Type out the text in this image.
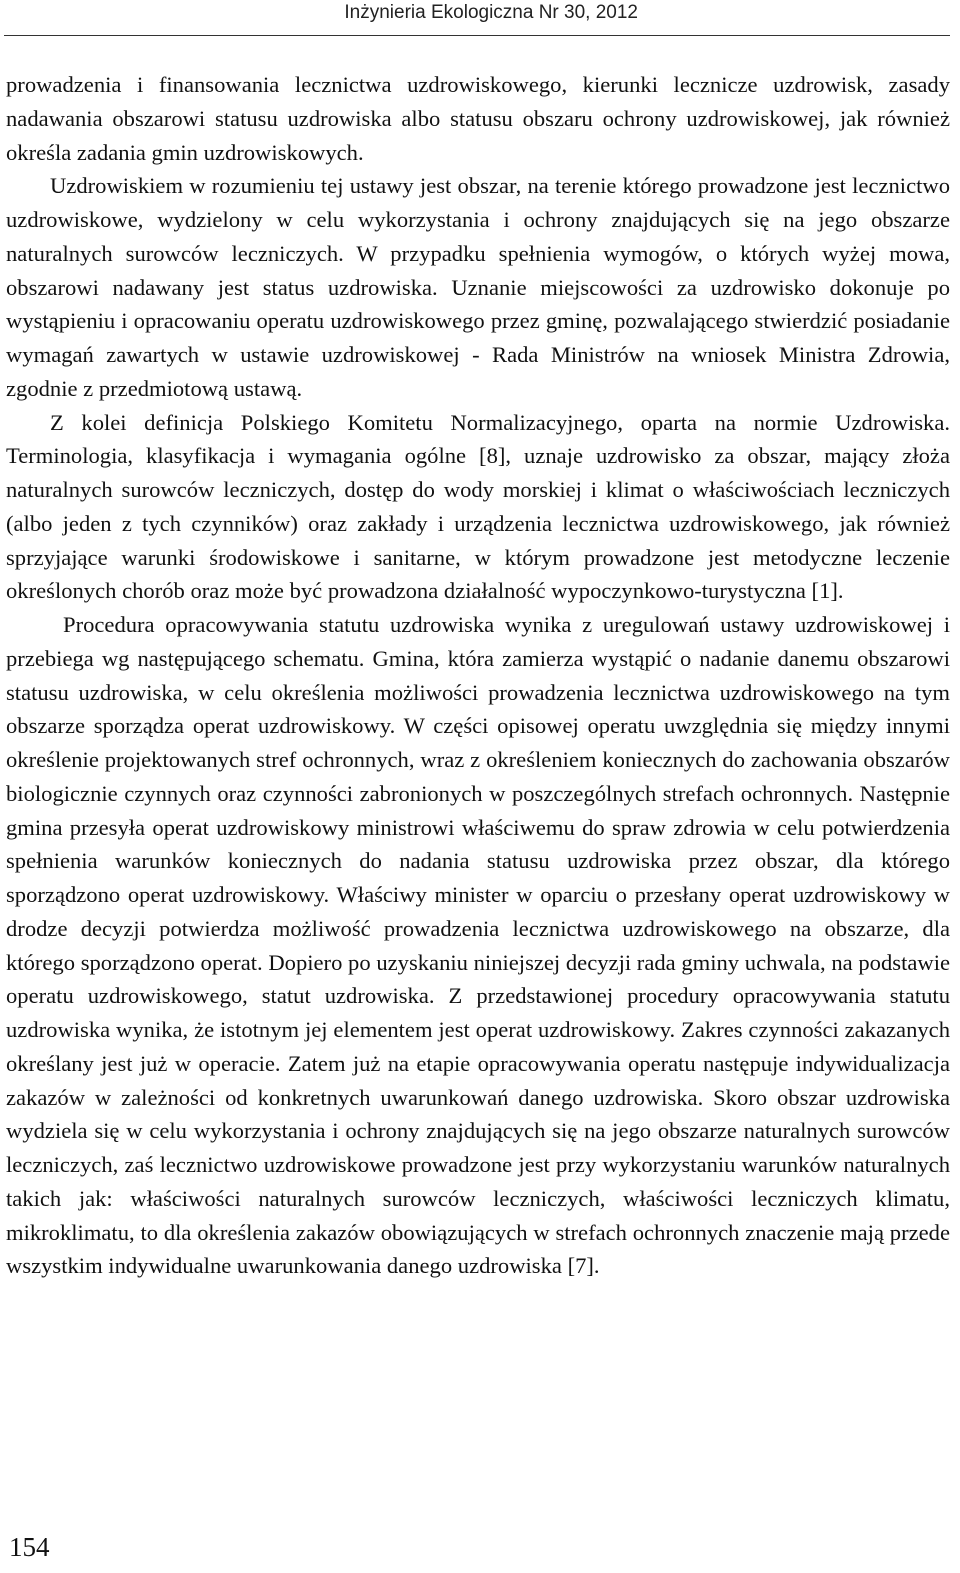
Inżynieria Ekologiczna Nr 30, 2012

prowadzenia i finansowania lecznictwa uzdrowiskowego, kierunki lecznicze uzdrowisk, zasady nadawania obszarowi statusu uzdrowiska albo statusu obszaru ochrony uzdrowiskowej, jak również określa zadania gmin uzdrowiskowych.

Uzdrowiskiem w rozumieniu tej ustawy jest obszar, na terenie którego prowadzone jest lecznictwo uzdrowiskowe, wydzielony w celu wykorzystania i ochrony znajdujących się na jego obszarze naturalnych surowców leczniczych. W przypadku spełnienia wymogów, o których wyżej mowa, obszarowi nadawany jest status uzdrowiska. Uznanie miejscowości za uzdrowisko dokonuje po wystąpieniu i opracowaniu operatu uzdrowiskowego przez gminę, pozwalającego stwierdzić posiadanie wymagań zawartych w ustawie uzdrowiskowej - Rada Ministrów na wniosek Ministra Zdrowia, zgodnie z przedmiotową ustawą.

Z kolei definicja Polskiego Komitetu Normalizacyjnego, oparta na normie Uzdrowiska. Terminologia, klasyfikacja i wymagania ogólne [8], uznaje uzdrowisko za obszar, mający złoża naturalnych surowców leczniczych, dostęp do wody morskiej i klimat o właściwościach leczniczych (albo jeden z tych czynników) oraz zakłady i urządzenia lecznictwa uzdrowiskowego, jak również sprzyjające warunki środowiskowe i sanitarne, w którym prowadzone jest metodyczne leczenie określonych chorób oraz może być prowadzona działalność wypoczynkowo-turystyczna [1].

Procedura opracowywania statutu uzdrowiska wynika z uregulowań ustawy uzdrowiskowej i przebiega wg następującego schematu. Gmina, która zamierza wystąpić o nadanie danemu obszarowi statusu uzdrowiska, w celu określenia możliwości prowadzenia lecznictwa uzdrowiskowego na tym obszarze sporządza operat uzdrowiskowy. W części opisowej operatu uwzględnia się między innymi określenie projektowanych stref ochronnych, wraz z określeniem koniecznych do zachowania obszarów biologicznie czynnych oraz czynności zabronionych w poszczególnych strefach ochronnych. Następnie gmina przesyła operat uzdrowiskowy ministrowi właściwemu do spraw zdrowia w celu potwierdzenia spełnienia warunków koniecznych do nadania statusu uzdrowiska przez obszar, dla którego sporządzono operat uzdrowiskowy. Właściwy minister w oparciu o przesłany operat uzdrowiskowy w drodze decyzji potwierdza możliwość prowadzenia lecznictwa uzdrowiskowego na obszarze, dla którego sporządzono operat. Dopiero po uzyskaniu niniejszej decyzji rada gminy uchwala, na podstawie operatu uzdrowiskowego, statut uzdrowiska. Z przedstawionej procedury opracowywania statutu uzdrowiska wynika, że istotnym jej elementem jest operat uzdrowiskowy. Zakres czynności zakazanych określany jest już w operacie. Zatem już na etapie opracowywania operatu następuje indywidualizacja zakazów w zależności od konkretnych uwarunkowań danego uzdrowiska. Skoro obszar uzdrowiska wydziela się w celu wykorzystania i ochrony znajdujących się na jego obszarze naturalnych surowców leczniczych, zaś lecznictwo uzdrowiskowe prowadzone jest przy wykorzystaniu warunków naturalnych takich jak: właściwości naturalnych surowców leczniczych, właściwości leczniczych klimatu, mikroklimatu, to dla określenia zakazów obowiązujących w strefach ochronnych znaczenie mają przede wszystkim indywidualne uwarunkowania danego uzdrowiska [7].

154
